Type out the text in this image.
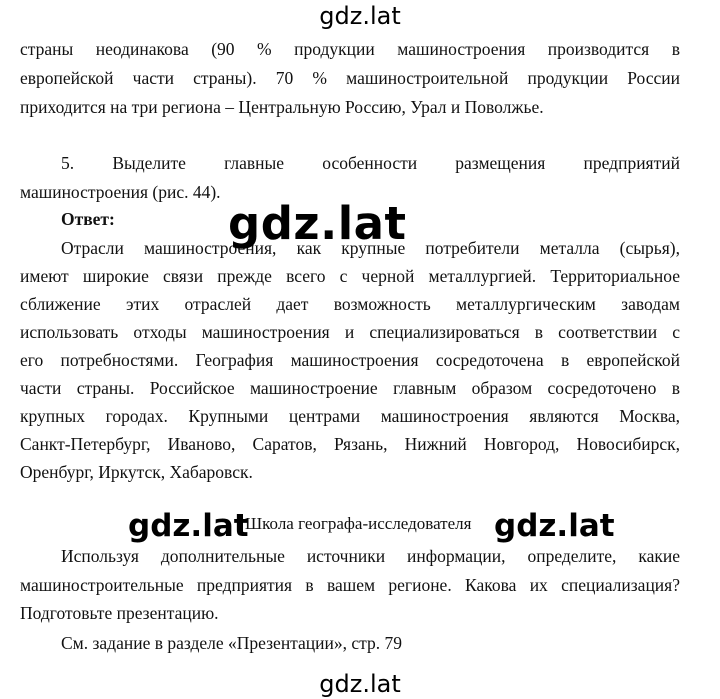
gdz.lat
страны неодинакова (90 % продукции машиностроения производится в
европейской части страны). 70 % машиностроительной продукции России
приходится на три региона – Центральную Россию, Урал и Поволжье.
5. Выделите главные особенности размещения предприятий
машиностроения (рис. 44).
Ответ:
Отрасли машиностроения, как крупные потребители металла (сырья),
имеют широкие связи прежде всего с черной металлургией. Территориальное
сближение этих отраслей дает возможность металлургическим заводам
использовать отходы машиностроения и специализироваться в соответствии с
его потребностями. География машиностроения сосредоточена в европейской
части страны. Российское машиностроение главным образом сосредоточено в
крупных городах. Крупными центрами машиностроения являются Москва,
Санкт-Петербург, Иваново, Саратов, Рязань, Нижний Новгород, Новосибирск,
Оренбург, Иркутск, Хабаровск.
Школа географа-исследователя
gdz.lat	gdz.lat
Используя дополнительные источники информации, определите, какие
машиностроительные предприятия в вашем регионе. Какова их специализация?
Подготовьте презентацию.
См. задание в разделе «Презентации», стр. 79
gdz.lat
gdz.lat
